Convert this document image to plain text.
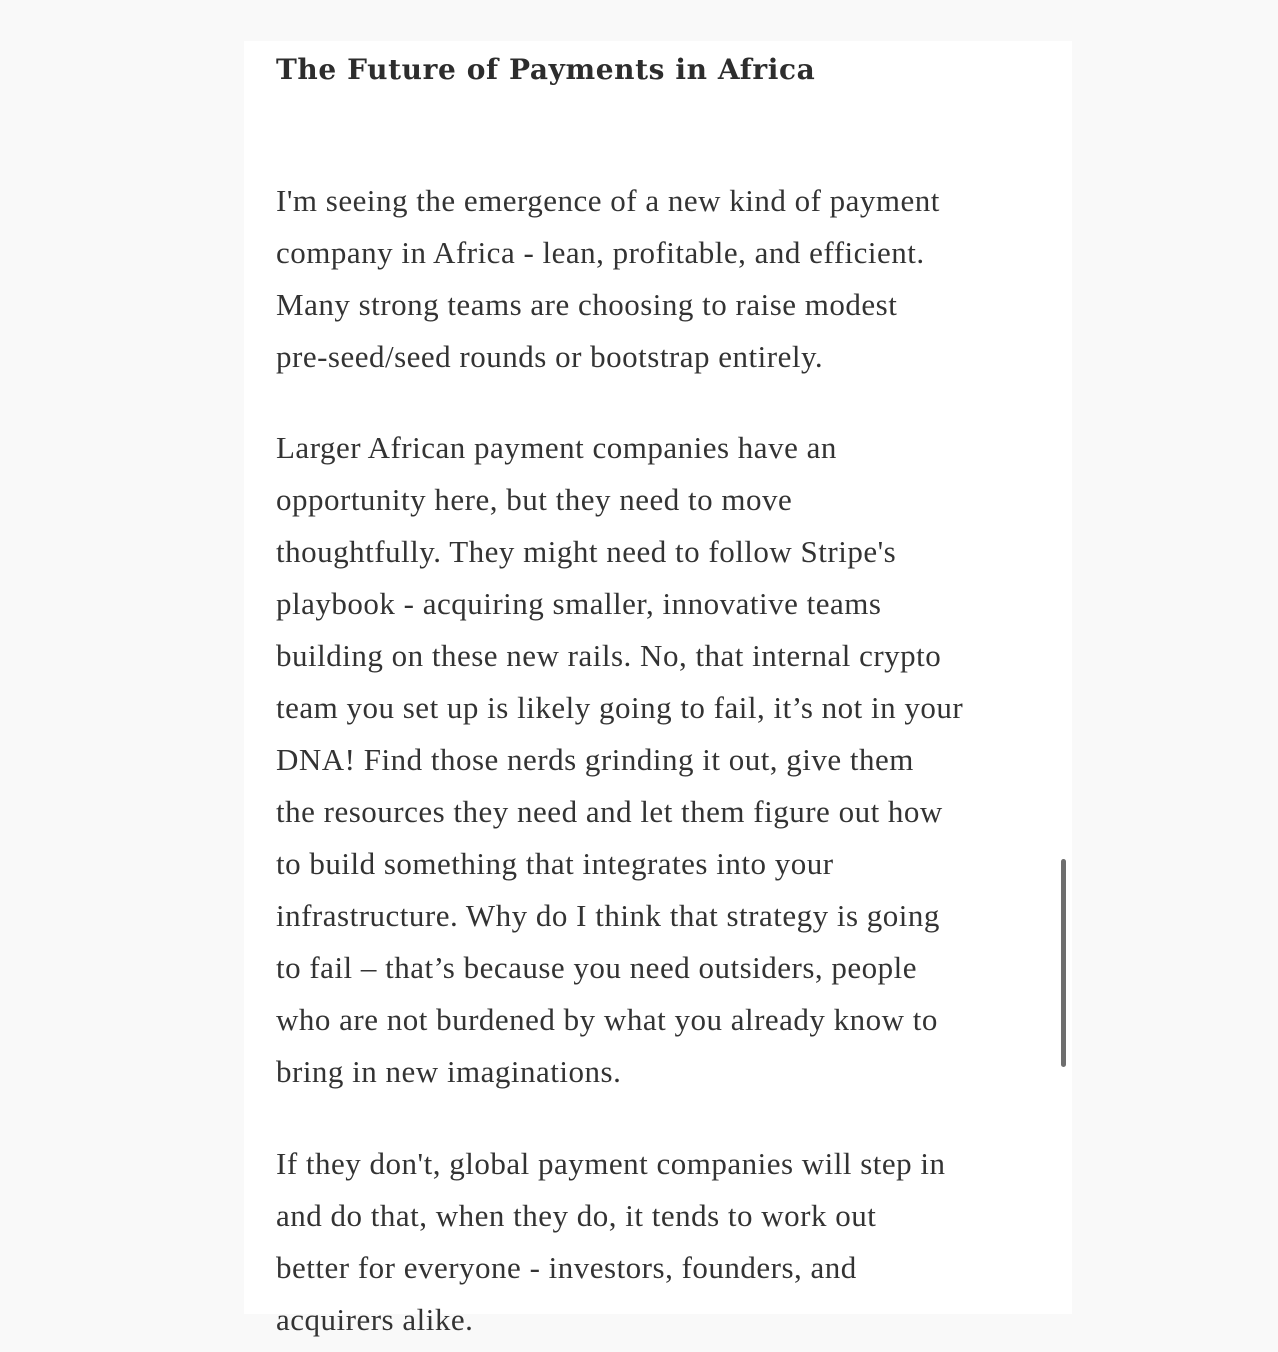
The Future of Payments in Africa

I'm seeing the emergence of a new kind of payment
company in Africa - lean, profitable, and efficient.
Many strong teams are choosing to raise modest
pre-seed/seed rounds or bootstrap entirely.

Larger African payment companies have an
opportunity here, but they need to move
thoughtfully. They might need to follow Stripe's
playbook - acquiring smaller, innovative teams
building on these new rails. No, that internal crypto
team you set up is likely going to fail, it’s not in your
DNA! Find those nerds grinding it out, give them
the resources they need and let them figure out how
to build something that integrates into your
infrastructure. Why do I think that strategy is going
to fail – that’s because you need outsiders, people
who are not burdened by what you already know to
bring in new imaginations.

If they don't, global payment companies will step in
and do that, when they do, it tends to work out
better for everyone - investors, founders, and
acquirers alike.
